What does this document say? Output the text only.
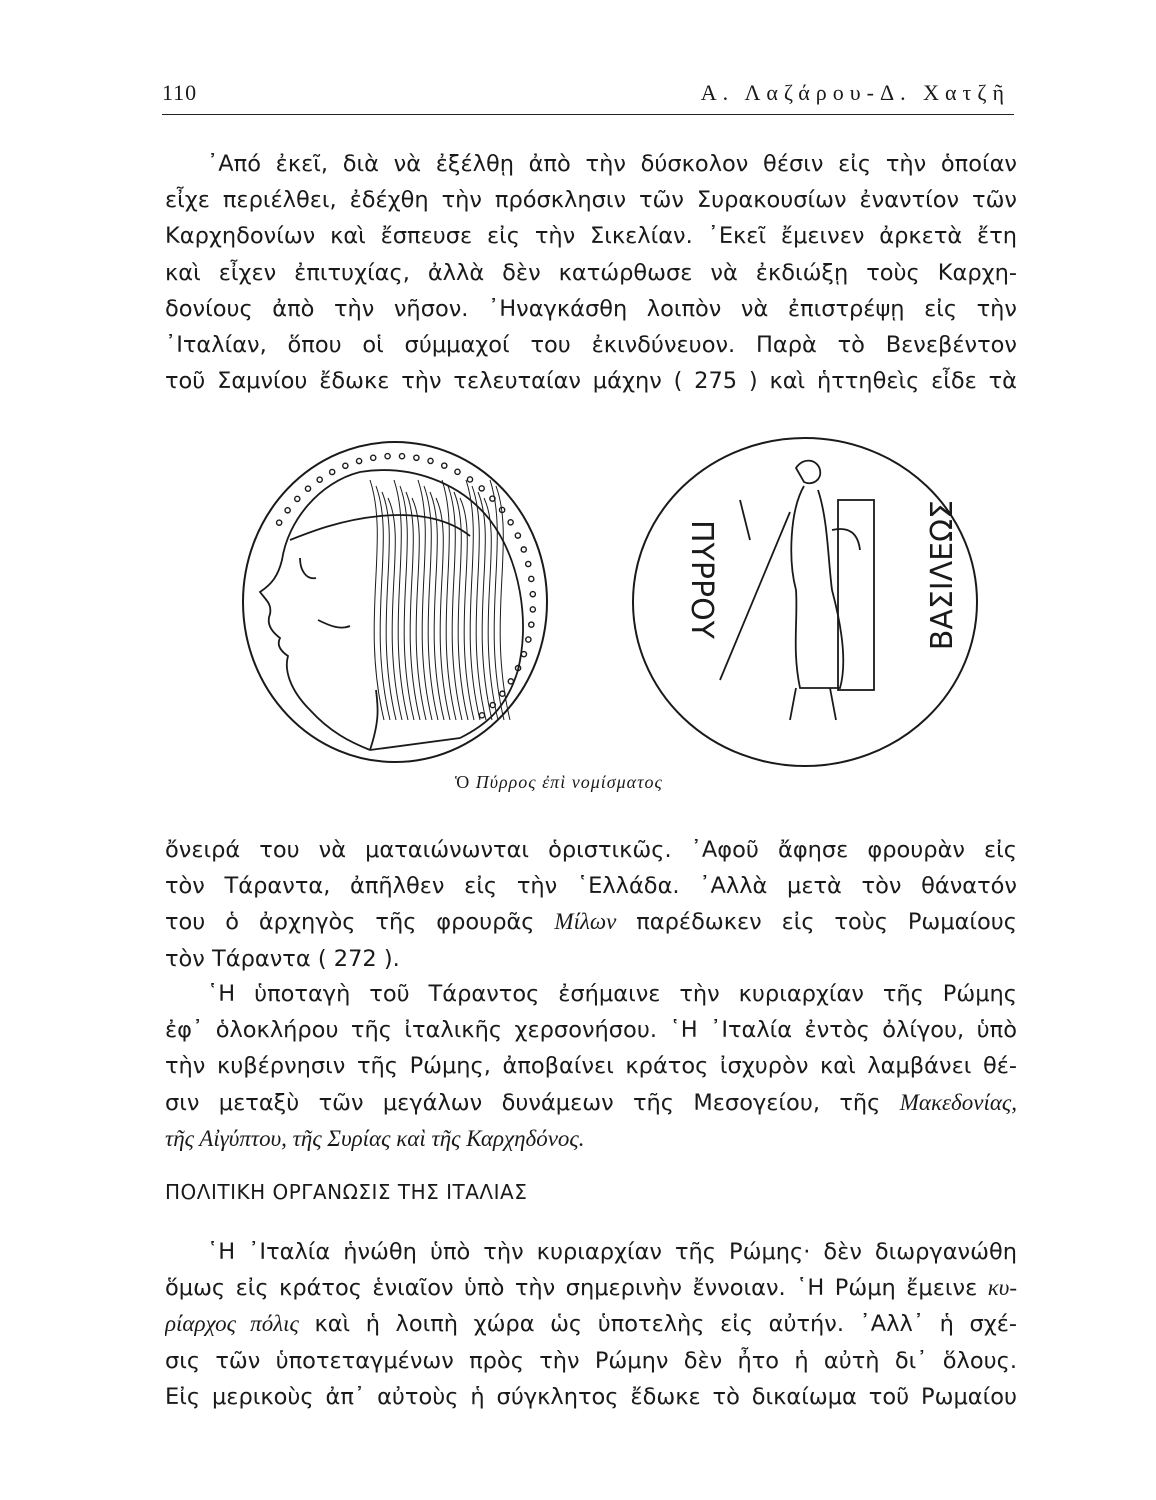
110	Α. Λαζάρου-Δ. Χατζῆ

᾿Από ἐκεῖ, διὰ νὰ ἐξέλθῃ ἀπὸ τὴν δύσκολον θέσιν εἰς τὴν ὁποίαν
εἶχε περιέλθει, ἐδέχθη τὴν πρόσκλησιν τῶν Συρακουσίων ἐναντίον τῶν
Καρχηδονίων καὶ ἔσπευσε εἰς τὴν Σικελίαν. ᾿Εκεῖ ἔμεινεν ἀρκετὰ ἔτη
καὶ εἶχεν ἐπιτυχίας, ἀλλὰ δὲν κατώρθωσε νὰ ἐκδιώξῃ τοὺς Καρχη-
δονίους ἀπὸ τὴν νῆσον. ᾿Ηναγκάσθη λοιπὸν νὰ ἐπιστρέψῃ εἰς τὴν
᾿Ιταλίαν, ὅπου οἱ σύμμαχοί του ἐκινδύνευον. Παρὰ τὸ Βενεβέντον
τοῦ Σαμνίου ἔδωκε τὴν τελευταίαν μάχην ( 275 ) καὶ ἡττηθεὶς εἶδε τὰ

ΠΥΡΡΟΥ	ΒΑΣΙΛΕΩΣ
Ὁ Πύρρος ἐπὶ νομίσματος

ὄνειρά του νὰ ματαιώνωνται ὁριστικῶς. ᾿Αφοῦ ἄφησε φρουρὰν εἰς
τὸν Τάραντα, ἀπῆλθεν εἰς τὴν ῾Ελλάδα. ᾿Αλλὰ μετὰ τὸν θάνατόν
του ὁ ἀρχηγὸς τῆς φρουρᾶς Μίλων παρέδωκεν εἰς τοὺς Ρωμαίους
τὸν Τάραντα ( 272 ).

῾Η ὑποταγὴ τοῦ Τάραντος ἐσήμαινε τὴν κυριαρχίαν τῆς Ρώμης
ἐφ᾿ ὁλοκλήρου τῆς ἰταλικῆς χερσονήσου. ῾Η ᾿Ιταλία ἐντὸς ὀλίγου, ὑπὸ
τὴν κυβέρνησιν τῆς Ρώμης, ἀποβαίνει κράτος ἰσχυρὸν καὶ λαμβάνει θέ-
σιν μεταξὺ τῶν μεγάλων δυνάμεων τῆς Μεσογείου, τῆς Μακεδονίας,
τῆς Αἰγύπτου, τῆς Συρίας καὶ τῆς Καρχηδόνος.

ΠΟΛΙΤΙΚΗ ΟΡΓΑΝΩΣΙΣ ΤΗΣ ΙΤΑΛΙΑΣ

῾Η ᾿Ιταλία ἡνώθη ὑπὸ τὴν κυριαρχίαν τῆς Ρώμης· δὲν διωργανώθη
ὅμως εἰς κράτος ἑνιαῖον ὑπὸ τὴν σημερινὴν ἔννοιαν. ῾Η Ρώμη ἔμεινε κυ-
ρίαρχος πόλις καὶ ἡ λοιπὴ χώρα ὡς ὑποτελὴς εἰς αὐτήν. ᾿Αλλ᾿ ἡ σχέ-
σις τῶν ὑποτεταγμένων πρὸς τὴν Ρώμην δὲν ἦτο ἡ αὐτὴ δι᾿ ὅλους.
Εἰς μερικοὺς ἀπ᾿ αὐτοὺς ἡ σύγκλητος ἔδωκε τὸ δικαίωμα τοῦ Ρωμαίου
